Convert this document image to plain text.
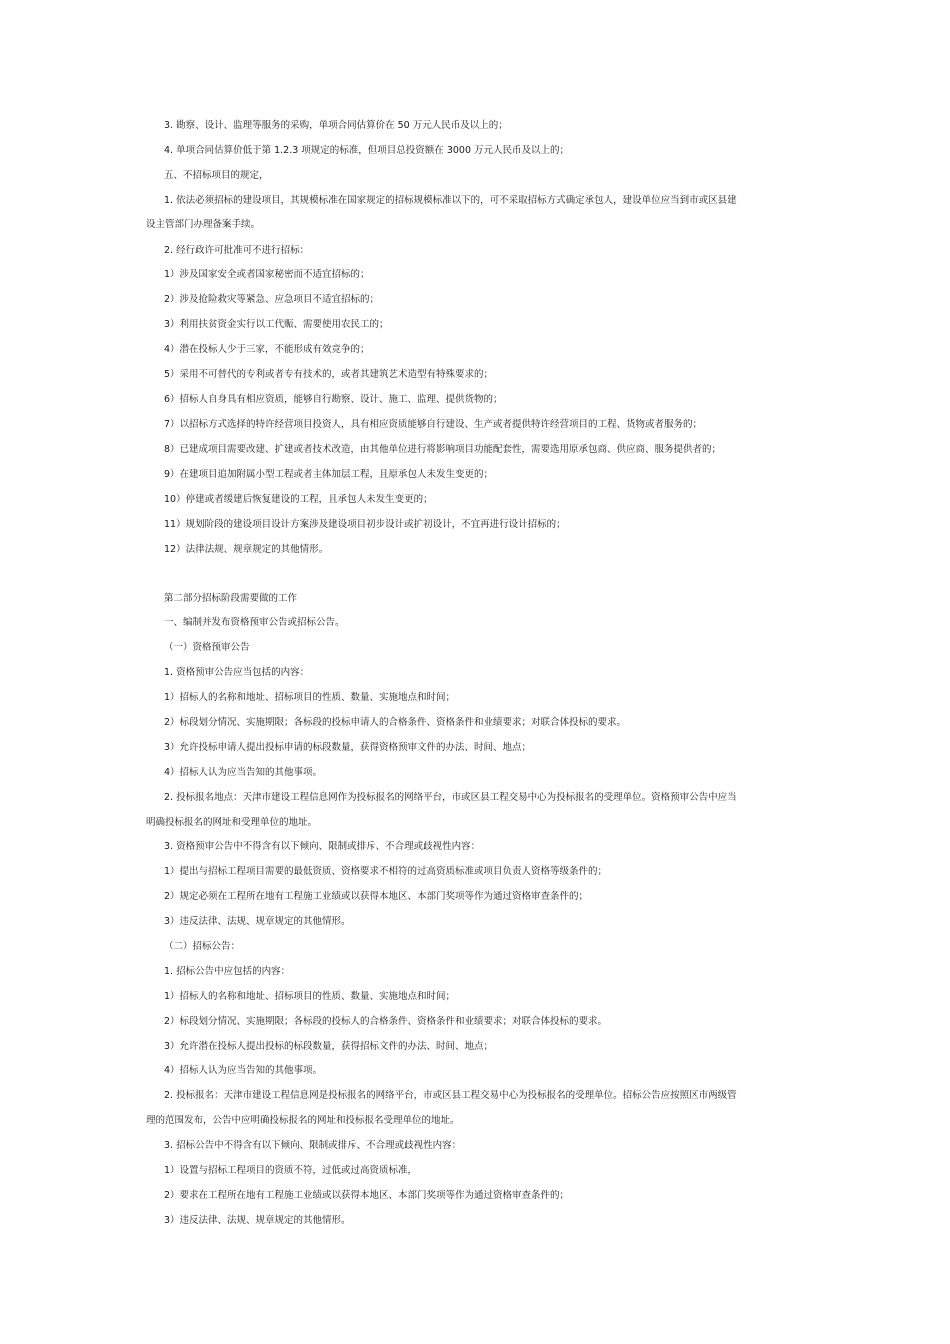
3. 勘察、设计、监理等服务的采购，单项合同估算价在 50 万元人民币及以上的；
4. 单项合同估算价低于第 1.2.3 项规定的标准，但项目总投资额在 3000 万元人民币及以上的；
五、不招标项目的规定，
1. 依法必须招标的建设项目，其规模标准在国家规定的招标规模标准以下的，可不采取招标方式确定承包人，建设单位应当到市或区县建
设主管部门办理备案手续。
2. 经行政许可批准可不进行招标：
1）涉及国家安全或者国家秘密而不适宜招标的；
2）涉及抢险救灾等紧急、应急项目不适宜招标的；
3）利用扶贫资金实行以工代赈、需要使用农民工的；
4）潜在投标人少于三家，不能形成有效竞争的；
5）采用不可替代的专利或者专有技术的，或者其建筑艺术造型有特殊要求的；
6）招标人自身具有相应资质，能够自行勘察、设计、施工、监理、提供货物的；
7）以招标方式选择的特许经营项目投资人，具有相应资质能够自行建设、生产或者提供特许经营项目的工程、货物或者服务的；
8）已建成项目需要改建、扩建或者技术改造，由其他单位进行将影响项目功能配套性，需要选用原承包商、供应商、服务提供者的；
9）在建项目追加附属小型工程或者主体加层工程，且原承包人未发生变更的；
10）停建或者缓建后恢复建设的工程，且承包人未发生变更的；
11）规划阶段的建设项目设计方案涉及建设项目初步设计或扩初设计，不宜再进行设计招标的；
12）法律法规、规章规定的其他情形。
第二部分招标阶段需要做的工作
一、编制并发布资格预审公告或招标公告。
（一）资格预审公告
1. 资格预审公告应当包括的内容：
1）招标人的名称和地址、招标项目的性质、数量、实施地点和时间；
2）标段划分情况、实施期限；各标段的投标申请人的合格条件、资格条件和业绩要求；对联合体投标的要求。
3）允许投标申请人提出投标申请的标段数量，获得资格预审文件的办法、时间、地点；
4）招标人认为应当告知的其他事项。
2. 投标报名地点：天津市建设工程信息网作为投标报名的网络平台，市或区县工程交易中心为投标报名的受理单位。资格预审公告中应当
明确投标报名的网址和受理单位的地址。
3. 资格预审公告中不得含有以下倾向、限制或排斥、不合理或歧视性内容：
1）提出与招标工程项目需要的最低资质、资格要求不相符的过高资质标准或项目负责人资格等级条件的；
2）规定必须在工程所在地有工程施工业绩或以获得本地区、本部门奖项等作为通过资格审查条件的；
3）违反法律、法规、规章规定的其他情形。
（二）招标公告：
1. 招标公告中应包括的内容：
1）招标人的名称和地址、招标项目的性质、数量、实施地点和时间；
2）标段划分情况、实施期限；各标段的投标人的合格条件、资格条件和业绩要求；对联合体投标的要求。
3）允许潜在投标人提出投标的标段数量，获得招标文件的办法、时间、地点；
4）招标人认为应当告知的其他事项。
2. 投标报名：天津市建设工程信息网是投标报名的网络平台，市或区县工程交易中心为投标报名的受理单位。招标公告应按照区市两级管
理的范围发布，公告中应明确投标报名的网址和投标报名受理单位的地址。
3. 招标公告中不得含有以下倾向、限制或排斥、不合理或歧视性内容：
1）设置与招标工程项目的资质不符，过低或过高资质标准，
2）要求在工程所在地有工程施工业绩或以获得本地区、本部门奖项等作为通过资格审查条件的；
3）违反法律、法规、规章规定的其他情形。
